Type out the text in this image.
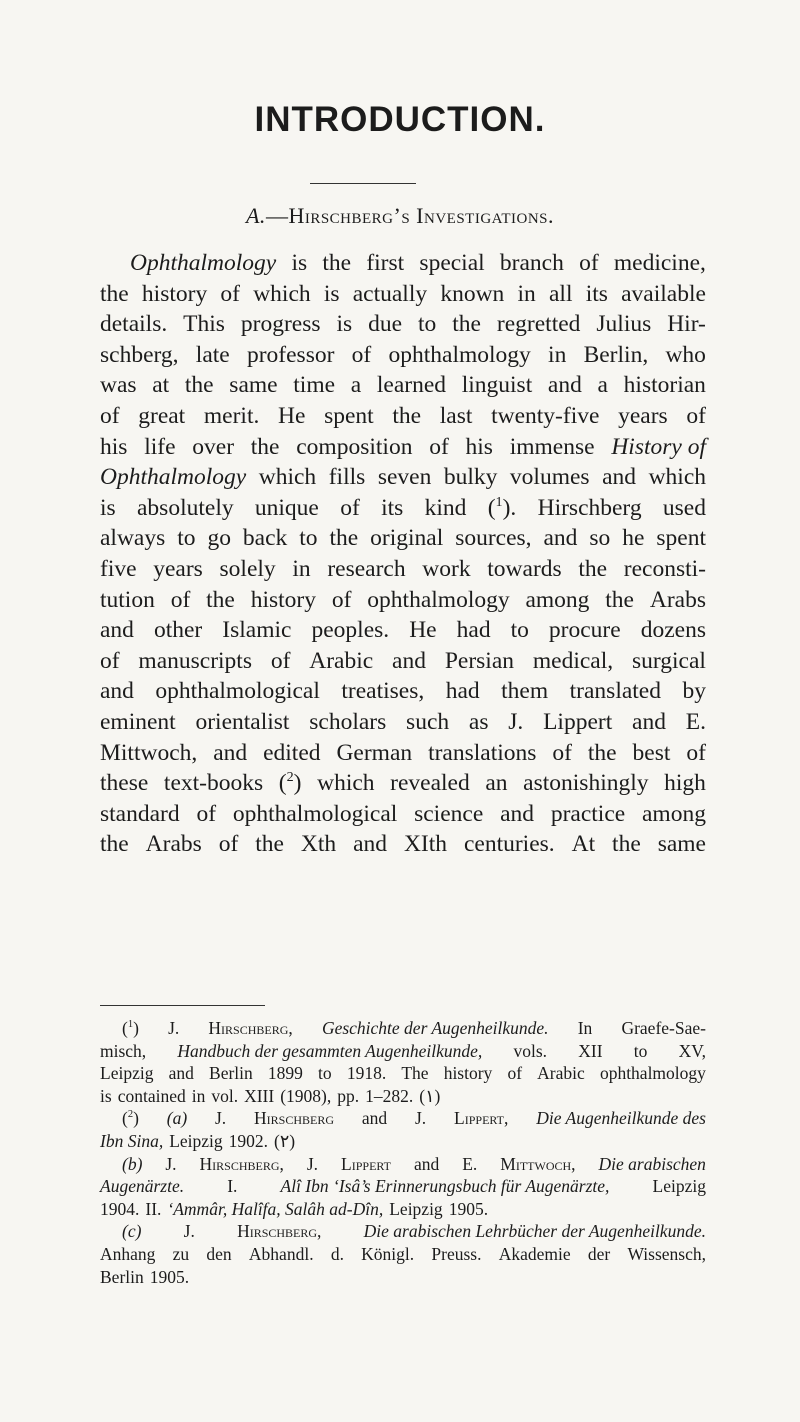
INTRODUCTION.
A.—Hirschberg’s Investigations.
Ophthalmology is the first special branch of medicine,
the history of which is actually known in all its available
details. This progress is due to the regretted Julius Hir-
schberg, late professor of ophthalmology in Berlin, who
was at the same time a learned linguist and a historian
of great merit. He spent the last twenty-five years of
his life over the composition of his immense History of
Ophthalmology which fills seven bulky volumes and which
is absolutely unique of its kind ($^1$). Hirschberg used
always to go back to the original sources, and so he spent
five years solely in research work towards the reconsti-
tution of the history of ophthalmology among the Arabs
and other Islamic peoples. He had to procure dozens
of manuscripts of Arabic and Persian medical, surgical
and ophthalmological treatises, had them translated by
eminent orientalist scholars such as J. Lippert and E.
Mittwoch, and edited German translations of the best of
these text-books ($^2$) which revealed an astonishingly high
standard of ophthalmological science and practice among
the Arabs of the Xth and XIth centuries. At the same
($^1$) J. Hirschberg, Geschichte der Augenheilkunde. In Graefe-Sae-
misch, Handbuch der gesammten Augenheilkunde, vols. XII to XV,
Leipzig and Berlin 1899 to 1918. The history of Arabic ophthalmology
is contained in vol. XIII (1908), pp. 1–282. (١)
($^2$) (a) J. Hirschberg and J. Lippert, Die Augenheilkunde des
Ibn Sina, Leipzig 1902. (٢)
(b) J. Hirschberg, J. Lippert and E. Mittwoch, Die arabischen
Augenärzte. I. Alî Ibn ‘Isâ’s Erinnerungsbuch für Augenärzte, Leipzig
1904. II. ‘Ammâr, Halîfa, Salâh ad-Dîn, Leipzig 1905.
(c) J. Hirschberg, Die arabischen Lehrbücher der Augenheilkunde.
Anhang zu den Abhandl. d. Königl. Preuss. Akademie der Wissensch,
Berlin 1905.
